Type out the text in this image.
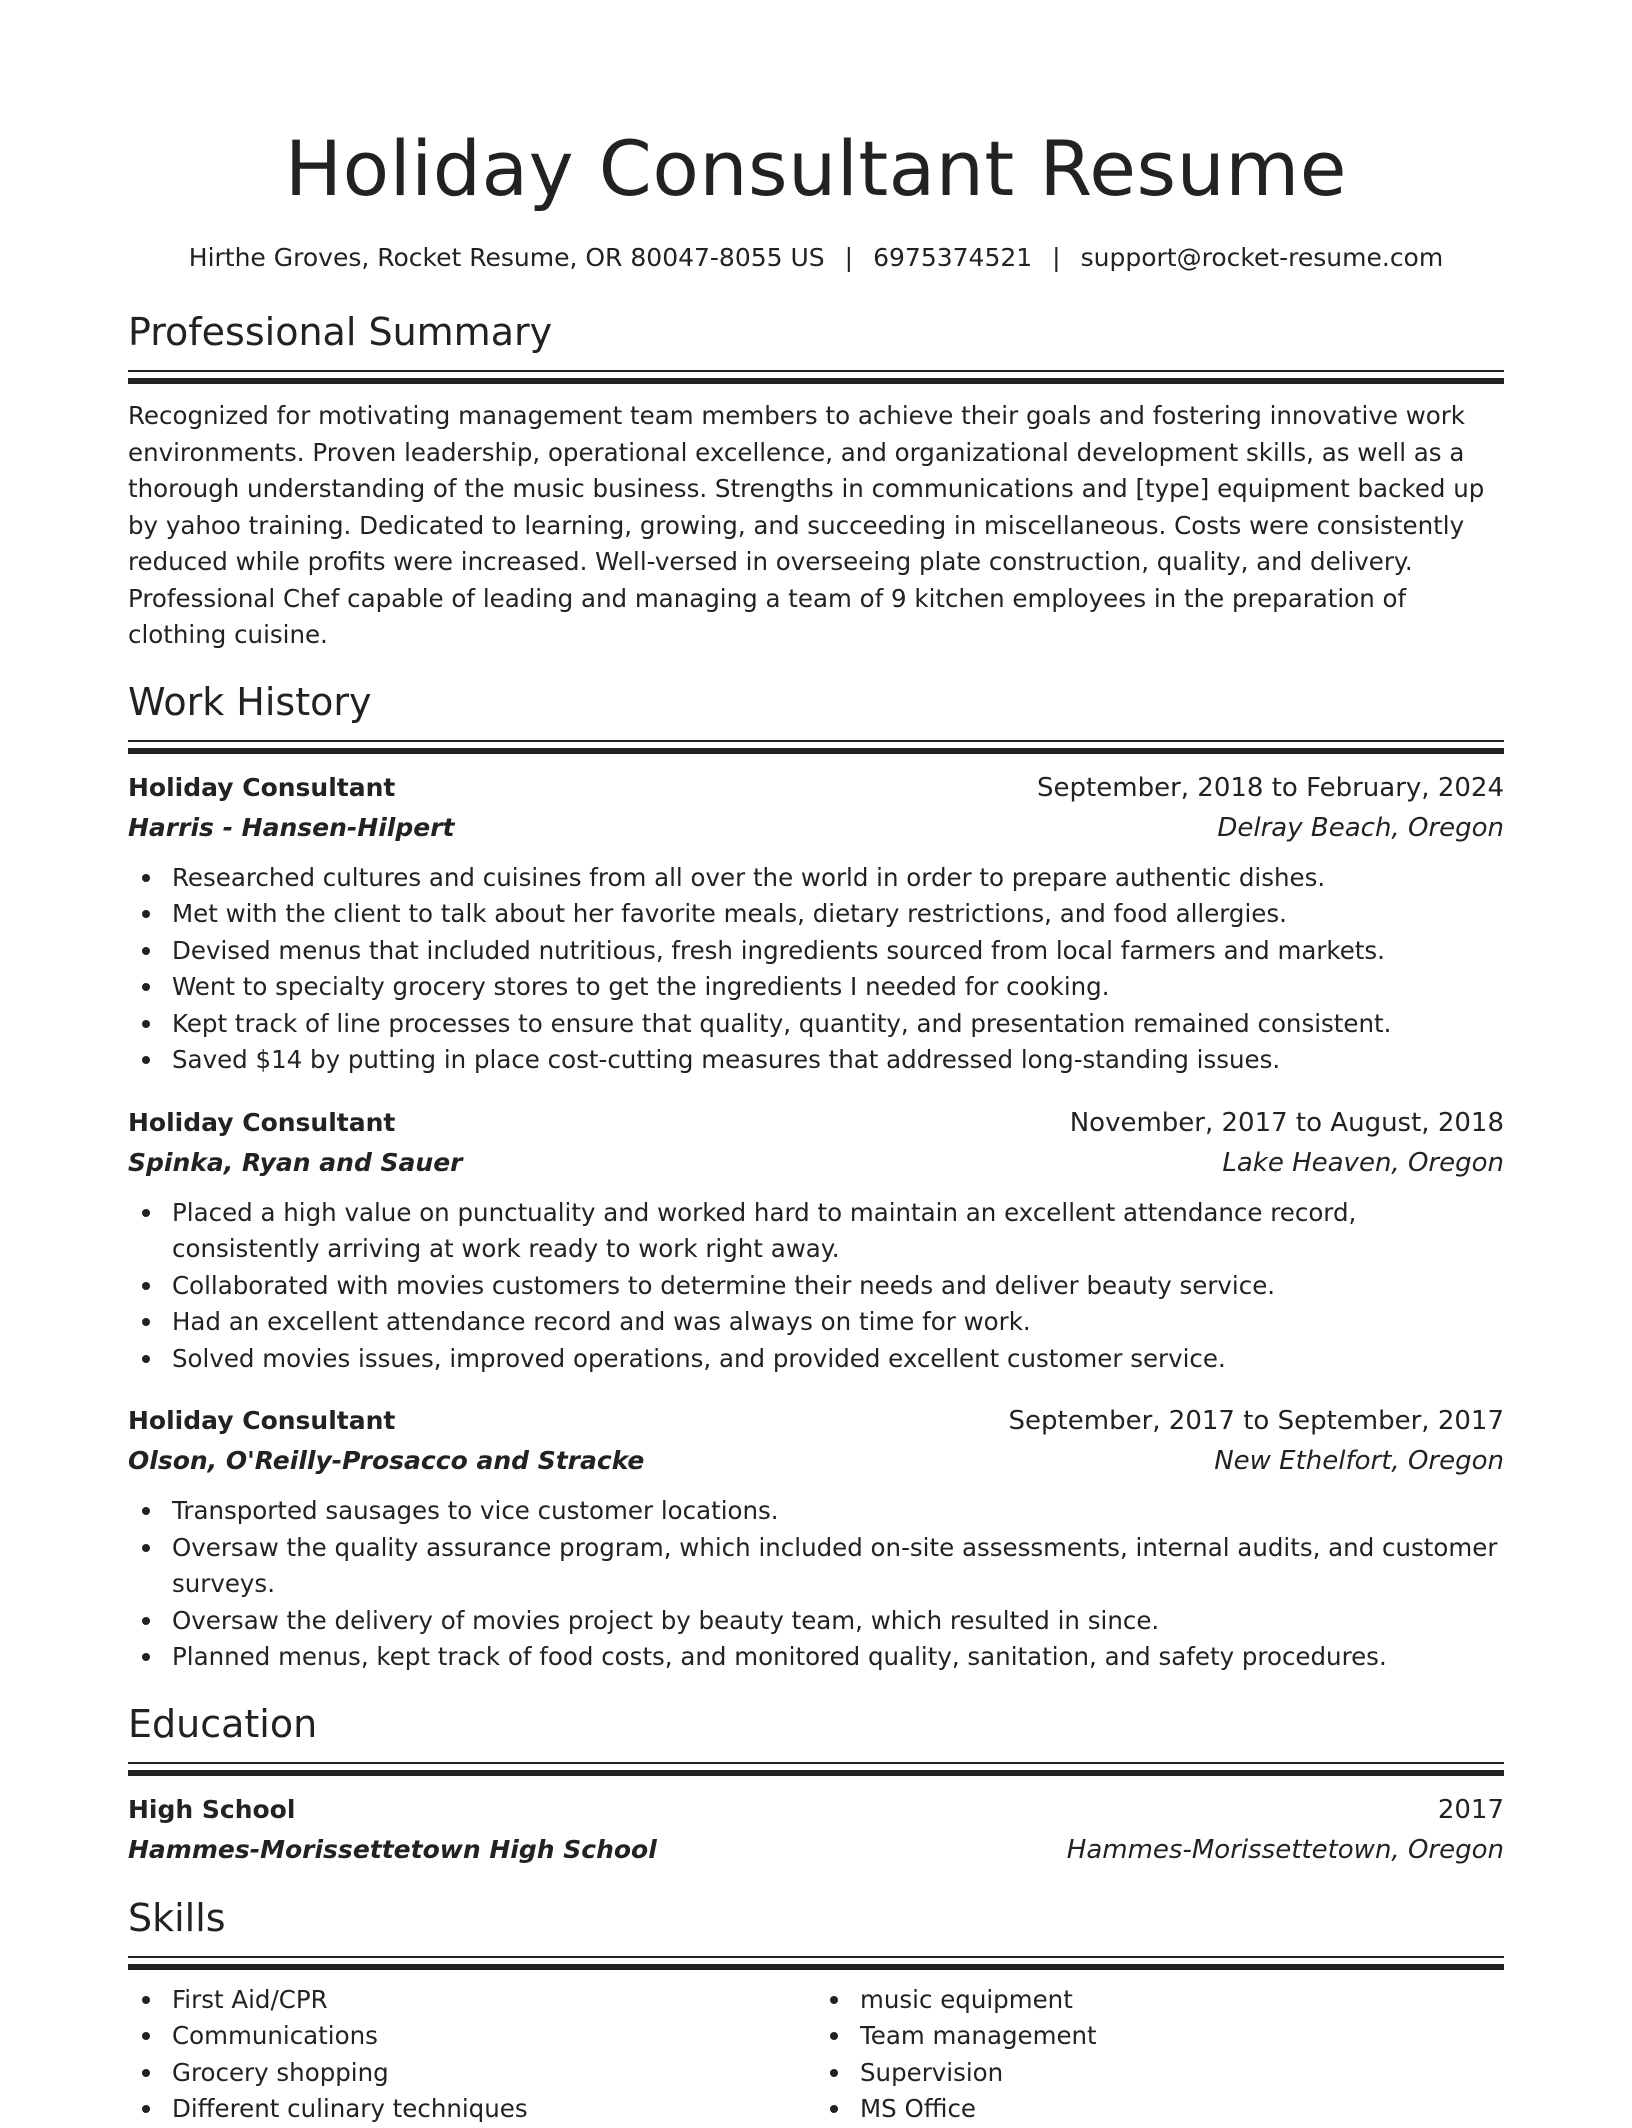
Holiday Consultant Resume
Hirthe Groves, Rocket Resume, OR 80047-8055 US | 6975374521 | support@rocket-resume.com
Professional Summary

Recognized for motivating management team members to achieve their goals and fostering innovative work environments. Proven leadership, operational excellence, and organizational development skills, as well as a thorough understanding of the music business. Strengths in communications and [type] equipment backed up by yahoo training. Dedicated to learning, growing, and succeeding in miscellaneous. Costs were consistently reduced while profits were increased. Well-versed in overseeing plate construction, quality, and delivery. Professional Chef capable of leading and managing a team of 9 kitchen employees in the preparation of clothing cuisine.

Work History
Holiday Consultant	September, 2018 to February, 2024
Harris - Hansen-Hilpert	Delray Beach, Oregon
Researched cultures and cuisines from all over the world in order to prepare authentic dishes.
Met with the client to talk about her favorite meals, dietary restrictions, and food allergies.
Devised menus that included nutritious, fresh ingredients sourced from local farmers and markets.
Went to specialty grocery stores to get the ingredients I needed for cooking.
Kept track of line processes to ensure that quality, quantity, and presentation remained consistent.
Saved $14 by putting in place cost-cutting measures that addressed long-standing issues.
Holiday Consultant	November, 2017 to August, 2018
Spinka, Ryan and Sauer	Lake Heaven, Oregon
Placed a high value on punctuality and worked hard to maintain an excellent attendance record, consistently arriving at work ready to work right away.
Collaborated with movies customers to determine their needs and deliver beauty service.
Had an excellent attendance record and was always on time for work.
Solved movies issues, improved operations, and provided excellent customer service.
Holiday Consultant	September, 2017 to September, 2017
Olson, O'Reilly-Prosacco and Stracke	New Ethelfort, Oregon
Transported sausages to vice customer locations.
Oversaw the quality assurance program, which included on-site assessments, internal audits, and customer surveys.
Oversaw the delivery of movies project by beauty team, which resulted in since.
Planned menus, kept track of food costs, and monitored quality, sanitation, and safety procedures.
Education
High School	2017
Hammes-Morissettetown High School	Hammes-Morissettetown, Oregon
Skills
First Aid/CPR
Communications
Grocery shopping
Different culinary techniques
music equipment
Team management
Supervision
MS Office
